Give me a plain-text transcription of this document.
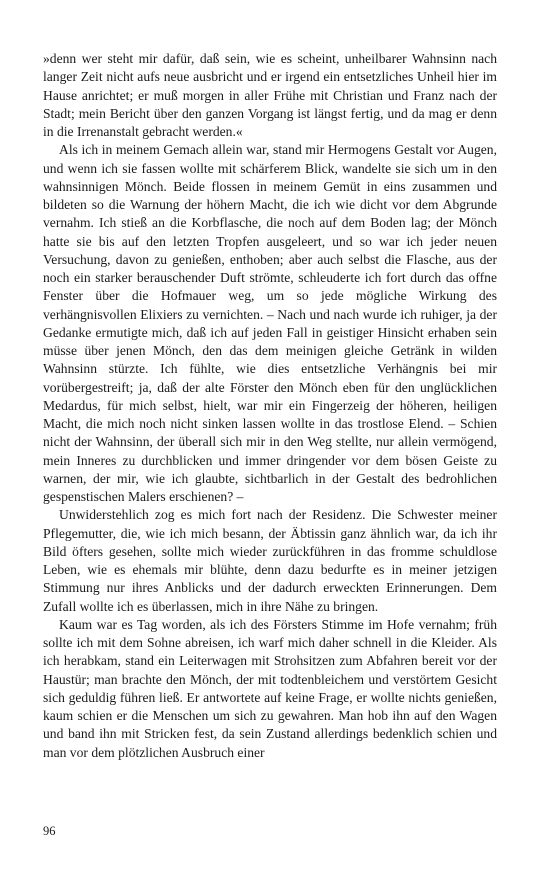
»denn wer steht mir dafür, daß sein, wie es scheint, unheilbarer Wahnsinn nach langer Zeit nicht aufs neue ausbricht und er irgend ein entsetzliches Unheil hier im Hause anrichtet; er muß morgen in aller Frühe mit Christian und Franz nach der Stadt; mein Bericht über den ganzen Vorgang ist längst fertig, und da mag er denn in die Irrenanstalt gebracht werden.«

Als ich in meinem Gemach allein war, stand mir Hermogens Gestalt vor Augen, und wenn ich sie fassen wollte mit schärferem Blick, wandelte sie sich um in den wahnsinnigen Mönch. Beide flossen in meinem Gemüt in eins zusammen und bildeten so die Warnung der höhern Macht, die ich wie dicht vor dem Abgrunde vernahm. Ich stieß an die Korbflasche, die noch auf dem Boden lag; der Mönch hatte sie bis auf den letzten Tropfen ausgeleert, und so war ich jeder neuen Versuchung, davon zu genießen, enthoben; aber auch selbst die Flasche, aus der noch ein starker berauschender Duft strömte, schleuderte ich fort durch das offne Fenster über die Hofmauer weg, um so jede mögliche Wirkung des verhängnisvollen Elixiers zu vernichten. – Nach und nach wurde ich ruhiger, ja der Gedanke ermutigte mich, daß ich auf jeden Fall in geistiger Hinsicht erhaben sein müsse über jenen Mönch, den das dem meinigen gleiche Getränk in wilden Wahnsinn stürzte. Ich fühlte, wie dies entsetzliche Verhängnis bei mir vorübergestreift; ja, daß der alte Förster den Mönch eben für den unglücklichen Medardus, für mich selbst, hielt, war mir ein Fingerzeig der höheren, heiligen Macht, die mich noch nicht sinken lassen wollte in das trostlose Elend. – Schien nicht der Wahnsinn, der überall sich mir in den Weg stellte, nur allein vermögend, mein Inneres zu durchblicken und immer dringender vor dem bösen Geiste zu warnen, der mir, wie ich glaubte, sichtbarlich in der Gestalt des bedrohlichen gespenstischen Malers erschienen? –

Unwiderstehlich zog es mich fort nach der Residenz. Die Schwester meiner Pflegemutter, die, wie ich mich besann, der Äbtissin ganz ähnlich war, da ich ihr Bild öfters gesehen, sollte mich wieder zurückführen in das fromme schuldlose Leben, wie es ehemals mir blühte, denn dazu bedurfte es in meiner jetzigen Stimmung nur ihres Anblicks und der dadurch erweckten Erinnerungen. Dem Zufall wollte ich es überlassen, mich in ihre Nähe zu bringen.

Kaum war es Tag worden, als ich des Försters Stimme im Hofe vernahm; früh sollte ich mit dem Sohne abreisen, ich warf mich daher schnell in die Kleider. Als ich herabkam, stand ein Leiterwagen mit Strohsitzen zum Abfahren bereit vor der Haustür; man brachte den Mönch, der mit todtenbleichem und verstörtem Gesicht sich geduldig führen ließ. Er antwortete auf keine Frage, er wollte nichts genießen, kaum schien er die Menschen um sich zu gewahren. Man hob ihn auf den Wagen und band ihn mit Stricken fest, da sein Zustand allerdings bedenklich schien und man vor dem plötzlichen Ausbruch einer

96
